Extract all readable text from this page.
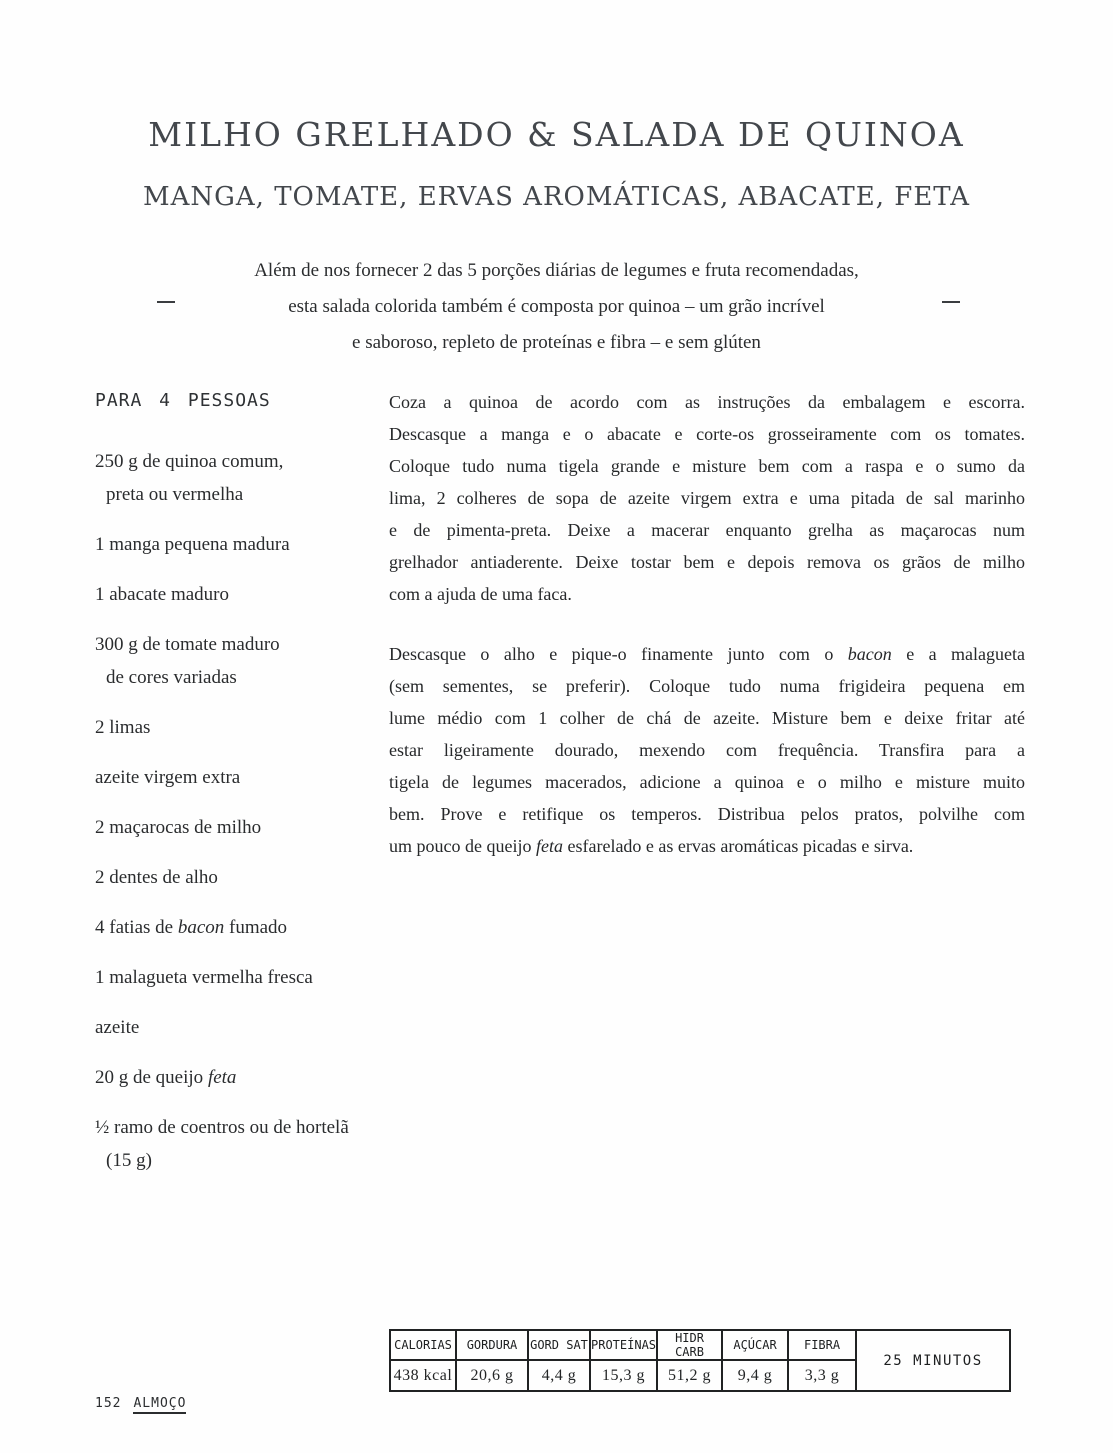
MILHO GRELHADO & SALADA DE QUINOA
MANGA, TOMATE, ERVAS AROMÁTICAS, ABACATE, FETA
Além de nos fornecer 2 das 5 porções diárias de legumes e fruta recomendadas,
esta salada colorida também é composta por quinoa – um grão incrível
e saboroso, repleto de proteínas e fibra – e sem glúten
PARA 4 PESSOAS
250 g de quinoa comum,
preta ou vermelha
1 manga pequena madura
1 abacate maduro
300 g de tomate maduro
de cores variadas
2 limas
azeite virgem extra
2 maçarocas de milho
2 dentes de alho
4 fatias de bacon fumado
1 malagueta vermelha fresca
azeite
20 g de queijo feta
½ ramo de coentros ou de hortelã
(15 g)
Coza a quinoa de acordo com as instruções da embalagem e escorra.
Descasque a manga e o abacate e corte-os grosseiramente com os tomates.
Coloque tudo numa tigela grande e misture bem com a raspa e o sumo da
lima, 2 colheres de sopa de azeite virgem extra e uma pitada de sal marinho
e de pimenta-preta. Deixe a macerar enquanto grelha as maçarocas num
grelhador antiaderente. Deixe tostar bem e depois remova os grãos de milho
com a ajuda de uma faca.
Descasque o alho e pique-o finamente junto com o bacon e a malagueta
(sem sementes, se preferir). Coloque tudo numa frigideira pequena em
lume médio com 1 colher de chá de azeite. Misture bem e deixe fritar até
estar ligeiramente dourado, mexendo com frequência. Transfira para a
tigela de legumes macerados, adicione a quinoa e o milho e misture muito
bem. Prove e retifique os temperos. Distribua pelos pratos, polvilhe com
um pouco de queijo feta esfarelado e as ervas aromáticas picadas e sirva.
CALORIAS	GORDURA	GORD SAT	PROTEÍNAS	HIDR CARB	AÇÚCAR	FIBRA	25 MINUTOS
438 kcal	20,6 g	4,4 g	15,3 g	51,2 g	9,4 g	3,3 g	
152 ALMOÇO
